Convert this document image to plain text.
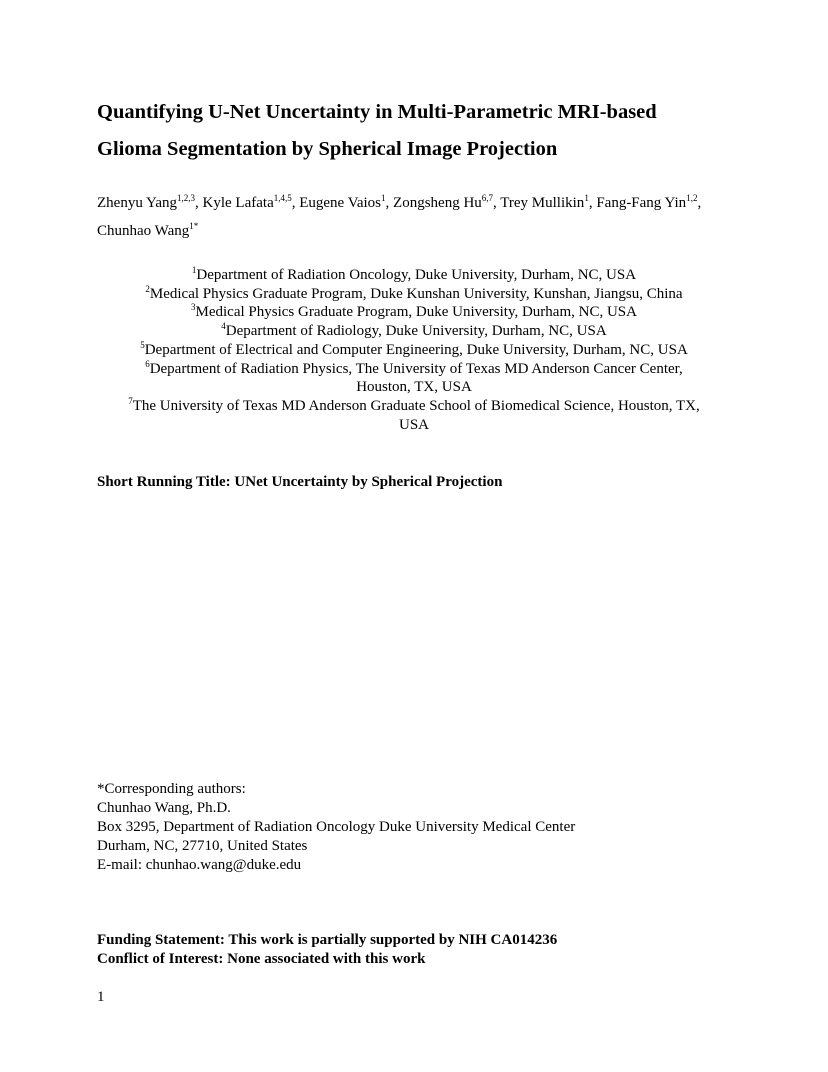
Quantifying U-Net Uncertainty in Multi-Parametric MRI-based
Glioma Segmentation by Spherical Image Projection
Zhenyu Yang$^{1,2,3}$, Kyle Lafata$^{1,4,5}$, Eugene Vaios$^1$, Zongsheng Hu$^{6,7}$, Trey Mullikin$^1$, Fang-Fang Yin$^{1,2}$, Chunhao Wang$^{1*}$
$^1$Department of Radiation Oncology, Duke University, Durham, NC, USA
$^2$Medical Physics Graduate Program, Duke Kunshan University, Kunshan, Jiangsu, China
$^3$Medical Physics Graduate Program, Duke University, Durham, NC, USA
$^4$Department of Radiology, Duke University, Durham, NC, USA
$^5$Department of Electrical and Computer Engineering, Duke University, Durham, NC, USA
$^6$Department of Radiation Physics, The University of Texas MD Anderson Cancer Center,
Houston, TX, USA
$^7$The University of Texas MD Anderson Graduate School of Biomedical Science, Houston, TX,
USA
Short Running Title: UNet Uncertainty by Spherical Projection
*Corresponding authors:
Chunhao Wang, Ph.D.
Box 3295, Department of Radiation Oncology Duke University Medical Center
Durham, NC, 27710, United States
E-mail: chunhao.wang@duke.edu
Funding Statement: This work is partially supported by NIH CA014236
Conflict of Interest: None associated with this work
1
